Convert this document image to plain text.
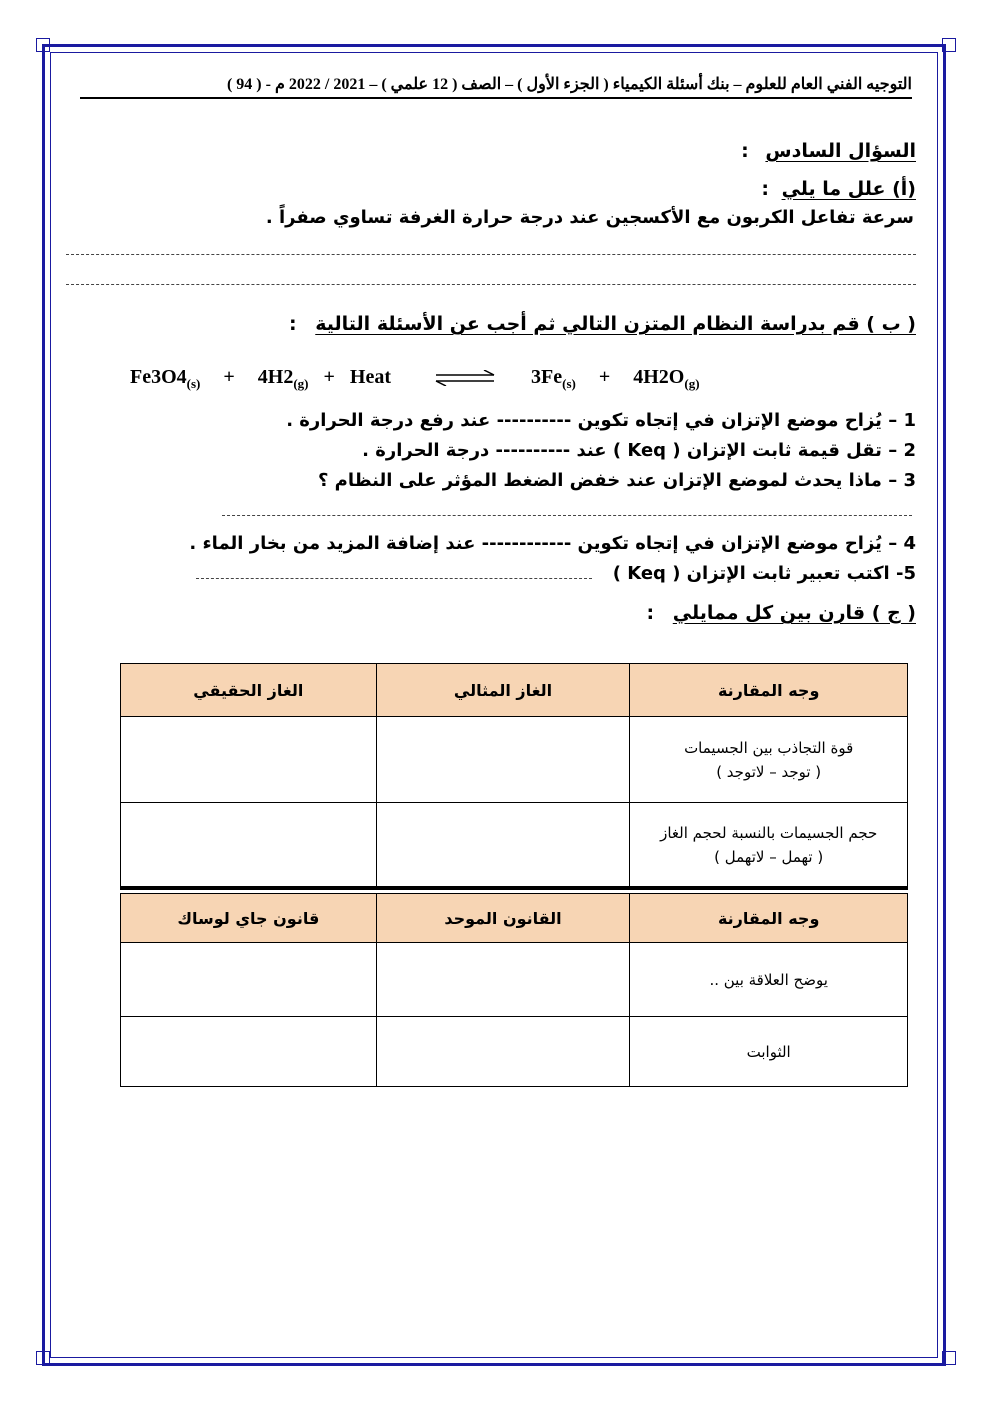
التوجيه الفني العام للعلوم – بنك أسئلة الكيمياء ( الجزء الأول ) – الصف ( 12 علمي ) – 2021 / 2022 م - ( 94 )
السؤال السادس :
(أ) علل ما يلي :
سرعة تفاعل الكربون مع الأكسجين عند درجة حرارة الغرفة تساوي صفراً .
( ب ) قم بدراسة النظام المتزن التالي ثم أجب عن الأسئلة التالية :
$Fe3O4_{(s)} + 4H2_{(g)}$ + Heat	$3Fe_{(s)} + 4H2O_{(g)}$
1 – يُزاح موضع الإتزان في إتجاه تكوين ---------- عند رفع درجة الحرارة .
2 – تقل قيمة ثابت الإتزان ( Keq ) عند ---------- درجة الحرارة .
3 – ماذا يحدث لموضع الإتزان عند خفض الضغط المؤثر على النظام ؟
4 – يُزاح موضع الإتزان في إتجاه تكوين ------------ عند إضافة المزيد من بخار الماء .
5- اكتب تعبير ثابت الإتزان ( Keq )
( ج ) قارن بين كل ممايلي :
وجه المقارنة	الغاز المثالي	الغاز الحقيقي

قوة التجاذب بين الجسيمات
( توجد – لاتوجد )		

حجم الجسيمات بالنسبة لحجم الغاز
( تهمل – لاتهمل )		

وجه المقارنة	القانون الموحد	قانون جاي لوساك
يوضح العلاقة بين ..		
الثوابت		
